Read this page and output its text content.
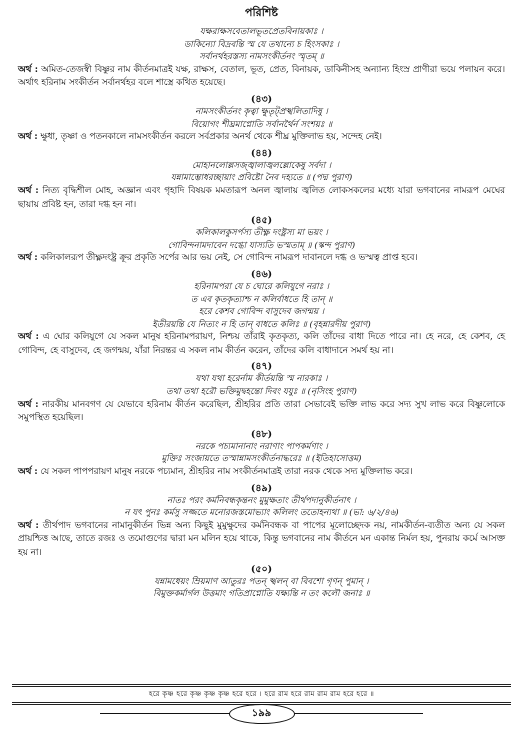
পরিশিষ্ট
যক্ষরাক্ষসবেতালভূতপ্রেতবিনায়কাঃ ।
ডাকিন্যো বিদ্রবন্তি স্ম যে তথান্যে চ হিংসকাঃ ।
সর্বানর্থহরস্তস্য নামসংকীর্তনং স্মৃতম্ ॥
অর্থ : অমিত-তেজস্বী বিষ্ণুর নাম কীর্তনমাত্রই যক্ষ, রাক্ষস, বেতাল, ভূত, প্রেত, বিনায়ক, ডাকিনীসহ অন্যান্য হিংস্র প্রাণীরা ভয়ে পলায়ন করে। অর্থাৎ হরিনাম সংকীর্তন সর্বানর্থহর বলে শাস্ত্রে কথিত হয়েছে।
(৪৩)
নামসংকীর্তনং কৃত্বা ক্ষুতৃট্প্রস্খলিতাদিষু ।
বিয়োগং শীঘ্রমাপ্নোতি সর্বানর্থৈর্ন সংশয়ঃ ॥
অর্থ : ক্ষুধা, তৃষ্ণা ও পতনকালে নামসংকীর্তন করলে সর্বপ্রকার অনর্থ থেকে শীঘ্র মুক্তিলাভ হয়, সন্দেহ নেই।
(৪৪)
মোহানলোল্লসজ্জ্বালাজ্বলল্লোকেষু সর্বদা ।
যন্নামাম্ভোধরচ্ছায়াং প্রবিষ্টো নৈব দহ্যতে ॥ (পদ্ম পুরাণ)
অর্থ : নিত্য বৃদ্ধিশীল মোহ, অজ্ঞান এবং গৃহাদি বিষয়ক মমতারূপ অনল জ্বালায় জ্বলিত লোকসকলের মধ্যে যারা ভগবানের নামরূপ মেঘের ছায়ায় প্রবিষ্ট হন, তারা দগ্ধ হন না।
(৪৫)
কলিকালকুসর্পস্য তীক্ষ্ণ দংষ্ট্রস্য মা ভয়ং ।
গোবিন্দনামদাবেন দগ্ধো যাস্যতি ভস্মতাম্ ॥ (স্কন্দ পুরাণ)
অর্থ : কলিকালরূপ তীক্ষ্ণদংষ্ট্র ক্রূর প্রকৃতি সর্পের আর ভয় নেই, সে গোবিন্দ নামরূপ দাবানলে দগ্ধ ও ভস্মত্ব প্রাপ্ত হবে।
(৪৬)
হরিনামপরা যে চ ঘোরে কলিযুগে নরাঃ ।
ত এব কৃতকৃত্যাশ্চ ন কলির্বাধতে হি তান্ ॥
হরে কেশব গোবিন্দ বাসুদেব জগন্ময় ।
ইতীরয়ন্তি যে নিত্যং ন হি তান্ বাধতে কলিঃ ॥ (বৃহন্নারদীয় পুরাণ)
অর্থ : এ ঘোর কলিযুগে যে সকল মানুষ হরিনামপরায়ণ, নিশ্চয় তাঁরাই কৃতকৃত্য, কলি তাঁদের বাধা দিতে পারে না। হে নরে, হে কেশব, হে গোবিন্দ, হে বাসুদেব, হে জগন্ময়, যাঁরা নিরন্তর এ সকল নাম কীর্তন করেন, তাঁদের কলি বাধাদানে সমর্থ হয় না।
(৪৭)
যথা যথা হরের্নাম কীর্তয়ন্তি স্ম নারকাঃ ।
তথা তথা হরৌ ভক্তিমুদ্বহন্তো দিবং যযুঃ ॥ (নৃসিংহ পুরাণ)
অর্থ : নারকীয় মানবগণ যে যেভাবে হরিনাম কীর্তন করেছিল, শ্রীহরির প্রতি তারা সেভাবেই ভক্তি লাভ করে সদ্য সুখ লাভ করে বিষ্ণুলোকে সমুপস্থিত হয়েছিল।
(৪৮)
নরকে পচ্যমানানাং নরাণাং পাপকর্মণাং ।
মুক্তিঃ সংজায়তে তস্মান্নামসংকীর্তনাদ্ধরেঃ ॥ (ইতিহাসোত্তম)
অর্থ : যে সকল পাপপরায়ণ মানুষ নরকে পচ্যমান, শ্রীহরির নাম সংকীর্তনমাত্রই তারা নরক থেকে সদ্য মুক্তিলাভ করে।
(৪৯)
নাতঃ পরং কর্মনিবন্ধকৃন্তনং মুমুক্ষতাং তীর্থপদানুকীর্তনাৎ ।
ন যৎ পুনঃ কর্মসু সজ্জতে মনোরজস্তমোভ্যাং কলিলং ততোহন্যথা ॥ (ভা: ৬/২/৪৬)
অর্থ : তীর্থপাদ ভগবানের নামানুকীর্তন ভিন্ন অন্য কিছুই মুমুক্ষুদের কর্মনিবন্ধক বা পাপের মূলোচ্ছেদক নয়, নামকীর্তন-ব্যতীত অন্য যে সকল প্রায়শ্চিত্ত আছে, তাতে রজঃ ও তমোগুণের দ্বারা মন মলিন হয়ে থাকে, কিন্তু ভগবানের নাম কীর্তনে মন একান্ত নির্মল হয়, পুনরায় কর্মে আসক্ত হয় না।
(৫০)
যন্নামধেয়ং ম্রিয়মাণ আতুরঃ পতন্ স্খলন্ বা বিবশো গৃণন্ পুমান্ ।
বিমুক্তকর্মার্গল উত্তমাং গতিপ্রাপ্নোতি যক্ষ্যন্তি ন তং কলৌ জনাঃ ॥
হরে কৃষ্ণ হরে কৃষ্ণ কৃষ্ণ কৃষ্ণ হরে হরে । হরে রাম হরে রাম রাম রাম হরে হরে ॥
১৯৯
